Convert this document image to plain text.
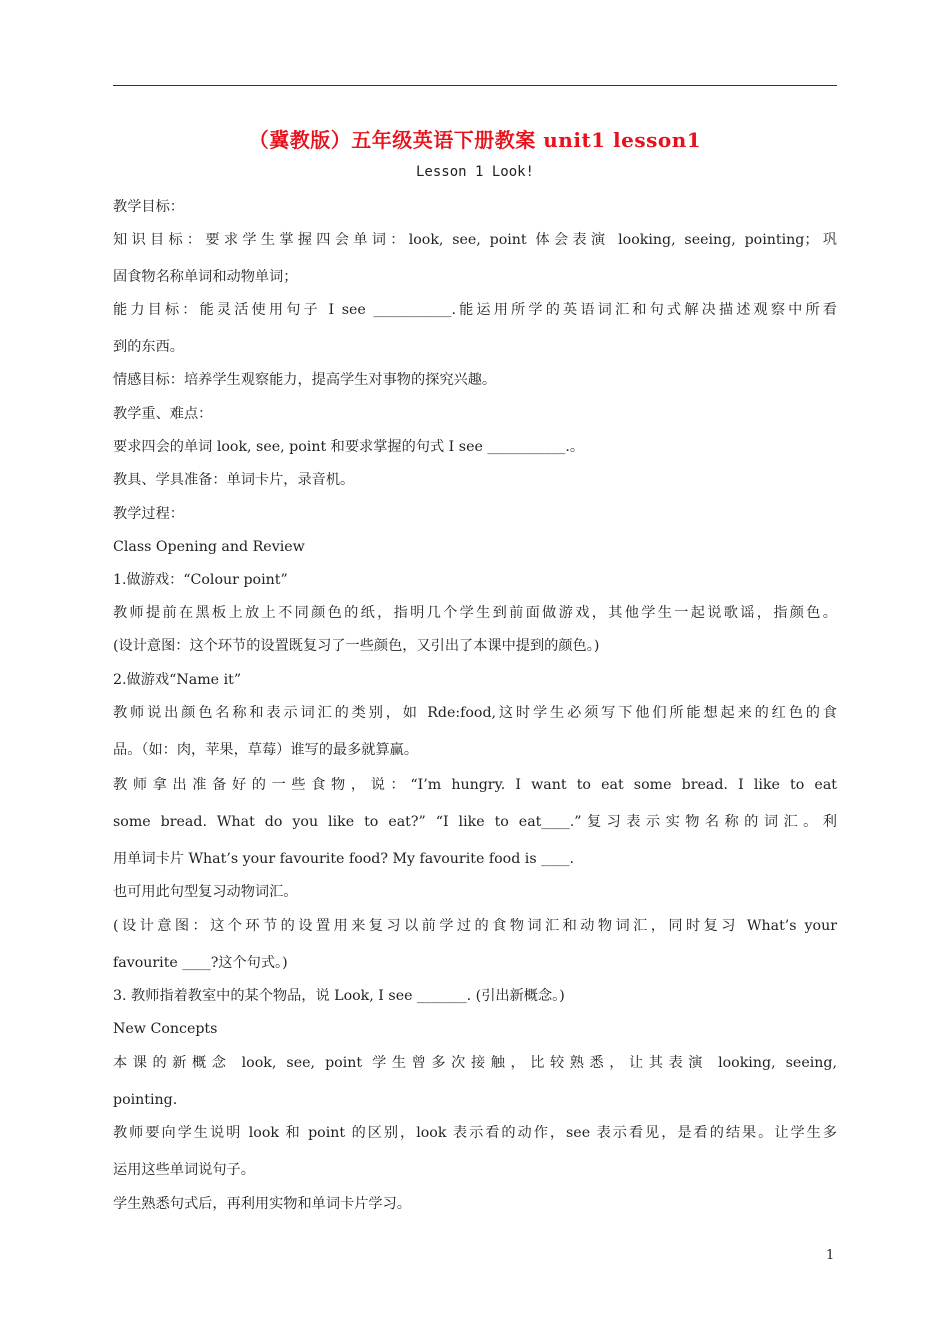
（冀教版）五年级英语下册教案 unit1 lesson1
Lesson 1 Look!
教学目标：
知识目标：要求学生掌握四会单词：look, see, point 体会表演 looking, seeing, pointing；巩
固食物名称单词和动物单词；
能力目标：能灵活使用句子 I see ___________.能运用所学的英语词汇和句式解决描述观察中所看
到的东西。
情感目标：培养学生观察能力，提高学生对事物的探究兴趣。
教学重、难点：
要求四会的单词 look, see, point 和要求掌握的句式 I see ___________.。
教具、学具准备：单词卡片，录音机。
教学过程：
Class Opening and Review
1.做游戏：“Colour point”
教师提前在黑板上放上不同颜色的纸，指明几个学生到前面做游戏，其他学生一起说歌谣，指颜色。
(设计意图：这个环节的设置既复习了一些颜色，又引出了本课中提到的颜色。)
2.做游戏“Name it”
教师说出颜色名称和表示词汇的类别，如 Rde:food,这时学生必须写下他们所能想起来的红色的食
品。（如：肉，苹果，草莓）谁写的最多就算赢。
教师拿出准备好的一些食物，说：“I’m hungry. I want to eat some bread. I like to eat
some bread. What do you like to eat?” “I like to eat____.”复习表示实物名称的词汇。利
用单词卡片 What’s your favourite food? My favourite food is ____.
也可用此句型复习动物词汇。
(设计意图：这个环节的设置用来复习以前学过的食物词汇和动物词汇，同时复习 What’s your
favourite ____?这个句式。)
3. 教师指着教室中的某个物品，说 Look, I see _______. (引出新概念。)
New Concepts
本课的新概念 look, see, point 学生曾多次接触，比较熟悉，让其表演 looking, seeing,
pointing.
教师要向学生说明 look 和 point 的区别，look 表示看的动作，see 表示看见，是看的结果。让学生多
运用这些单词说句子。
学生熟悉句式后，再利用实物和单词卡片学习。
1
